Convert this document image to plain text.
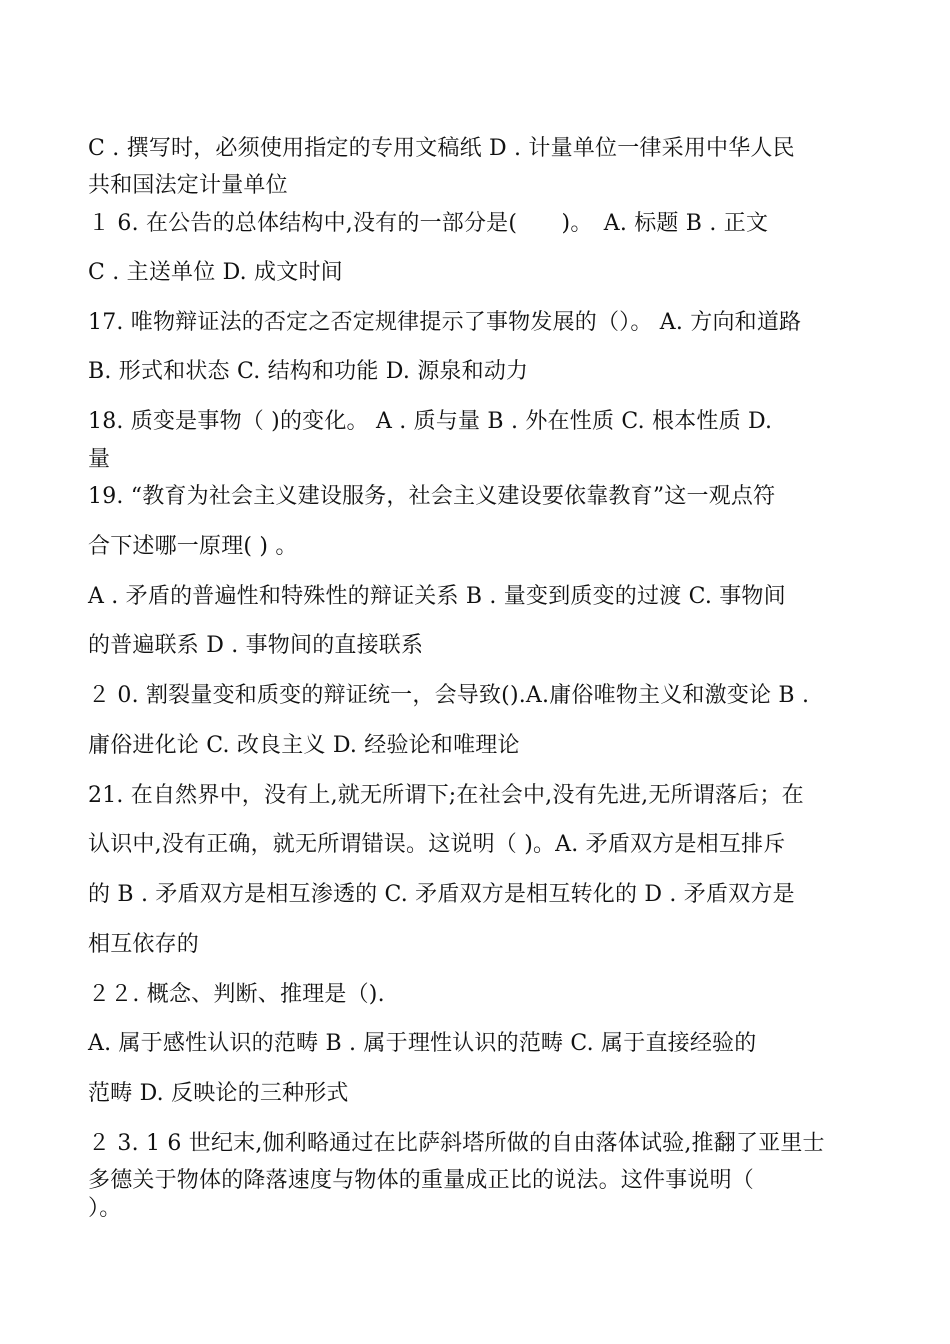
C . 撰写时，必须使用指定的专用文稿纸 D . 计量单位一律采用中华人民
共和国法定计量单位
１ 6. 在公告的总体结构中,没有的一部分是(　　)。　A. 标题 B . 正文
C . 主送单位 D. 成文时间
17. 唯物辩证法的否定之否定规律提示了事物发展的（）。 A. 方向和道路
B. 形式和状态 C. 结构和功能 D. 源泉和动力
18. 质变是事物（ )的变化。 A . 质与量 B . 外在性质 C. 根本性质 D.
量
19. “教育为社会主义建设服务，社会主义建设要依靠教育”这一观点符
合下述哪一原理( ) 。
A . 矛盾的普遍性和特殊性的辩证关系 B . 量变到质变的过渡 C. 事物间
的普遍联系 D . 事物间的直接联系
２ 0. 割裂量变和质变的辩证统一，会导致().A.庸俗唯物主义和激变论 B .
庸俗进化论 C. 改良主义 D. 经验论和唯理论
21. 在自然界中，没有上,就无所谓下;在社会中,没有先进,无所谓落后；在
认识中,没有正确，就无所谓错误。这说明（ )。A. 矛盾双方是相互排斥
的 B . 矛盾双方是相互渗透的 C. 矛盾双方是相互转化的 D . 矛盾双方是
相互依存的
２２. 概念、判断、推理是（).
A. 属于感性认识的范畴 B . 属于理性认识的范畴 C. 属于直接经验的
范畴 D. 反映论的三种形式
２ 3. 1 6 世纪末,伽利略通过在比萨斜塔所做的自由落体试验,推翻了亚里士
多德关于物体的降落速度与物体的重量成正比的说法。这件事说明（
）。
